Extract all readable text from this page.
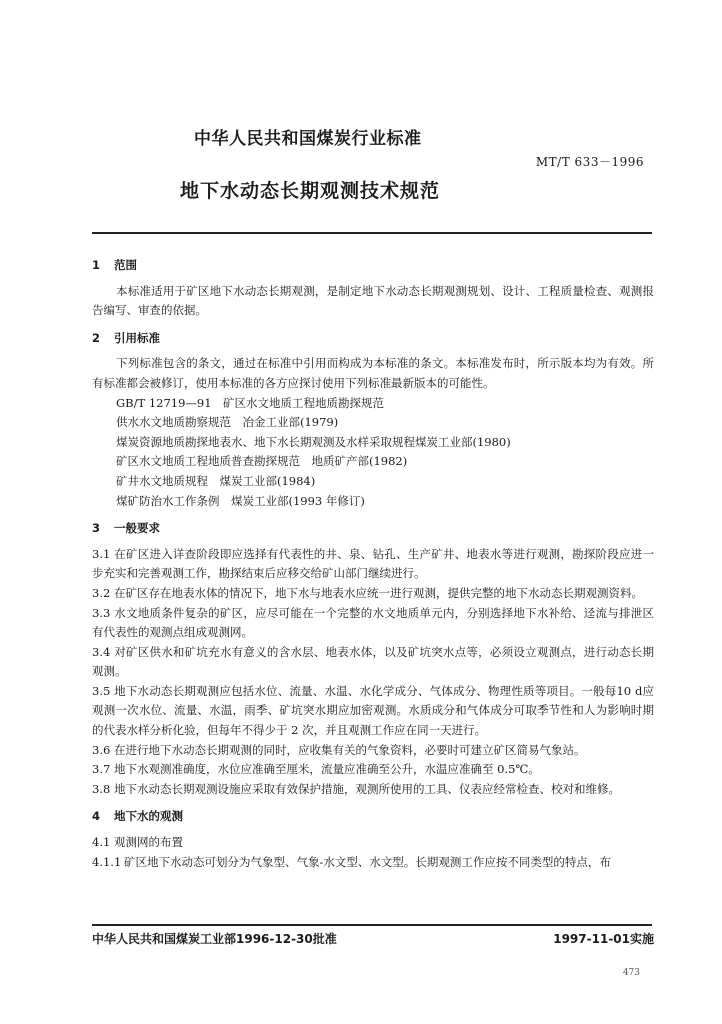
中华人民共和国煤炭行业标准
MT/T 633－1996
地下水动态长期观测技术规范

1 范围

本标准适用于矿区地下水动态长期观测，是制定地下水动态长期观测规划、设计、工程质量检查、观测报告编写、审查的依据。

2 引用标准

下列标准包含的条文，通过在标准中引用而构成为本标准的条文。本标准发布时，所示版本均为有效。所有标准都会被修订，使用本标准的各方应探讨使用下列标准最新版本的可能性。

GB/T 12719—91　矿区水文地质工程地质勘探规范

供水水文地质勘察规范　冶金工业部(1979)

煤炭资源地质勘探地表水、地下水长期观测及水样采取规程煤炭工业部(1980)

矿区水文地质工程地质普查勘探规范　地质矿产部(1982)

矿井水文地质规程　煤炭工业部(1984)

煤矿防治水工作条例　煤炭工业部(1993 年修订)

3 一般要求

3.1 在矿区进入详查阶段即应选择有代表性的井、泉、钻孔、生产矿井、地表水等进行观测，勘探阶段应进一步充实和完善观测工作，勘探结束后应移交给矿山部门继续进行。

3.2 在矿区存在地表水体的情况下，地下水与地表水应统一进行观测，提供完整的地下水动态长期观测资料。

3.3 水文地质条件复杂的矿区，应尽可能在一个完整的水文地质单元内，分别选择地下水补给、迳流与排泄区有代表性的观测点组成观测网。

3.4 对矿区供水和矿坑充水有意义的含水层、地表水体，以及矿坑突水点等，必须设立观测点，进行动态长期观测。

3.5 地下水动态长期观测应包括水位、流量、水温、水化学成分、气体成分、物理性质等项目。一般每10 d应观测一次水位、流量、水温，雨季、矿坑突水期应加密观测。水质成分和气体成分可取季节性和人为影响时期的代表水样分析化验，但每年不得少于 2 次，并且观测工作应在同一天进行。

3.6 在进行地下水动态长期观测的同时，应收集有关的气象资料，必要时可建立矿区简易气象站。

3.7 地下水观测准确度，水位应准确至厘米，流量应准确至公升，水温应准确至 0.5℃。

3.8 地下水动态长期观测设施应采取有效保护措施，观测所使用的工具、仪表应经常检查、校对和维修。

4 地下水的观测

4.1 观测网的布置

4.1.1 矿区地下水动态可划分为气象型、气象-水文型、水文型。长期观测工作应按不同类型的特点，布

中华人民共和国煤炭工业部1996-12-30批准	1997-11-01实施
473
